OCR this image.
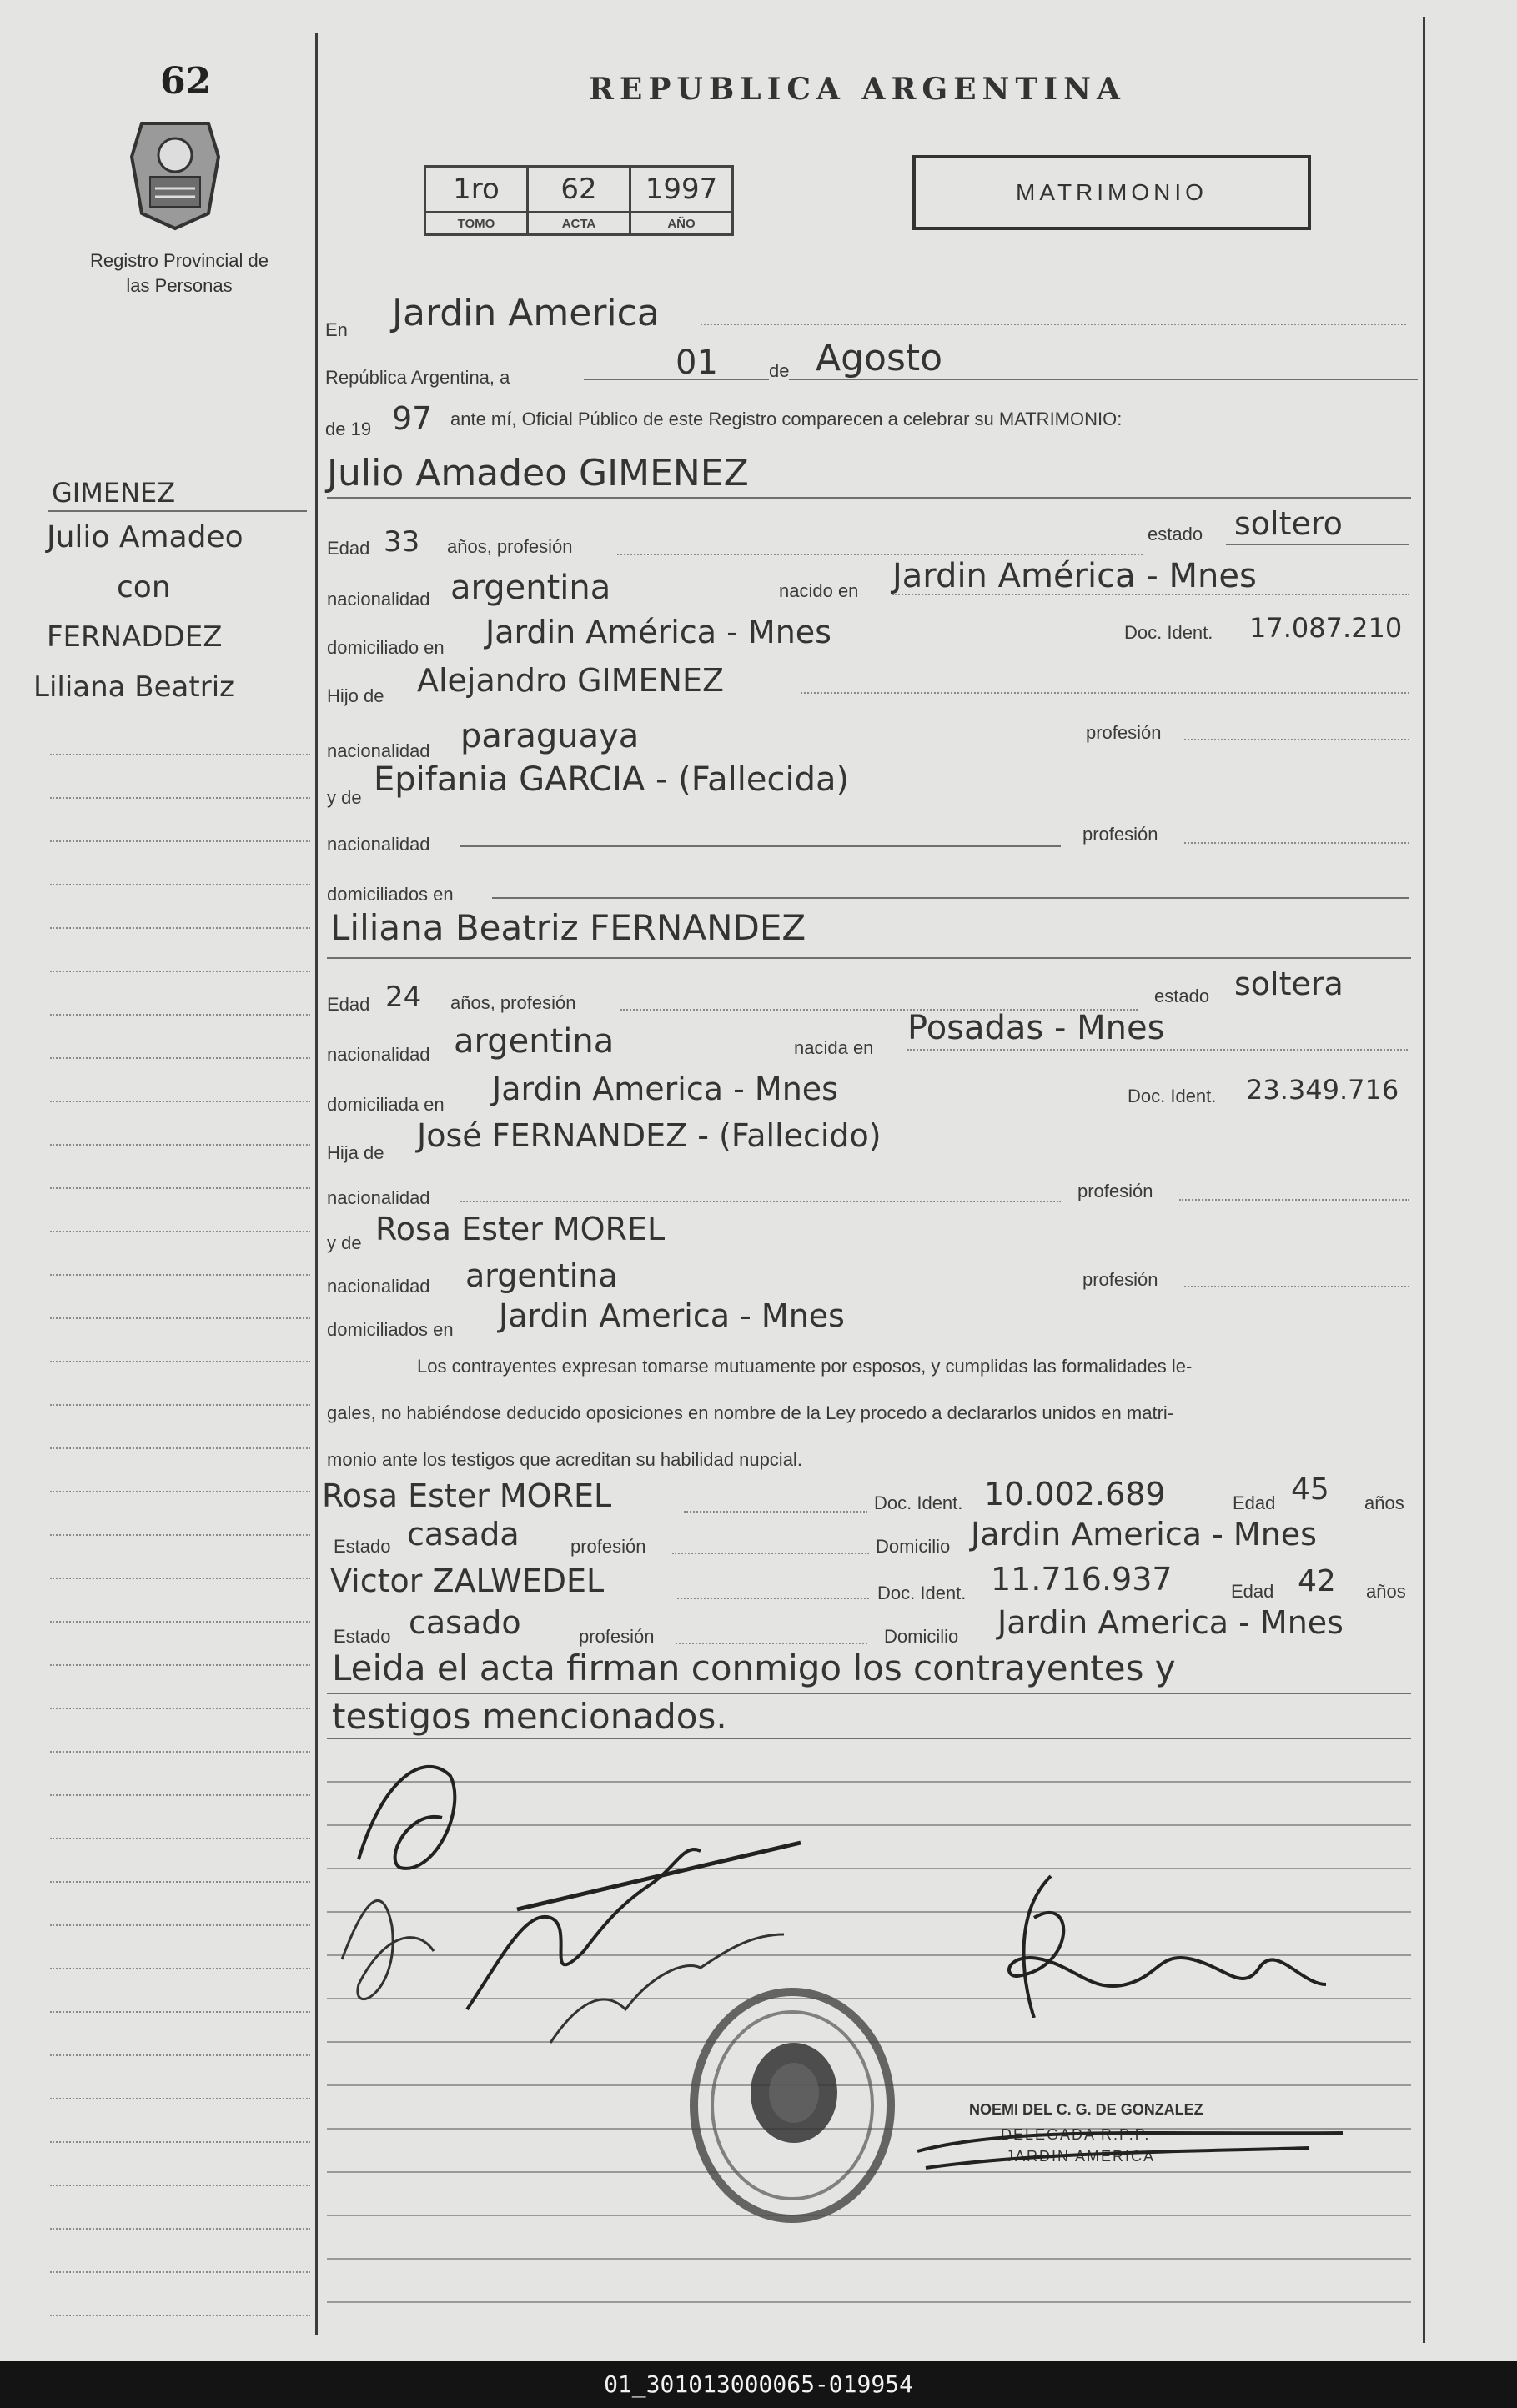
62
Registro Provincial de las Personas
REPUBLICA ARGENTINA
MATRIMONIO
1ro	62	1997
TOMO	ACTA	AÑO
GIMENEZ
Julio Amadeo
con
FERNADDEZ
Liliana Beatriz
En Jardin America
República Argentina, a	01	de Agosto
de 19 97 ante mí, Oficial Público de este Registro comparecen a celebrar su MATRIMONIO:
Julio Amadeo GIMENEZ
Edad 33 años, profesión
estado soltero
nacionalidad argentina	nacido en Jardin América - Mnes
domiciliado en Jardin América - Mnes	Doc. Ident. 17.087.210
Hijo de Alejandro GIMENEZ
nacionalidad paraguaya	profesión
y de Epifania GARCIA - (Fallecida)
nacionalidad	profesión
domiciliados en
Liliana Beatriz FERNANDEZ
Edad 24 años, profesión	estado soltera
nacionalidad argentina	nacida en
Posadas - Mnes
domiciliada en Jardin America - Mnes	Doc. Ident. 23.349.716
Hija de José FERNANDEZ - (Fallecido)
nacionalidad	profesión
y de Rosa Ester MOREL
nacionalidad argentina	profesión
domiciliados en Jardin America - Mnes
Los contrayentes expresan tomarse mutuamente por esposos, y cumplidas las formalidades le-
gales, no habiéndose deducido oposiciones en nombre de la Ley procedo a declararlos unidos en matri-
monio ante los testigos que acreditan su habilidad nupcial.
Rosa Ester MOREL	Doc. Ident. 10.002.689	Edad 45 años
Estado casada	profesión	Domicilio Jardin America - Mnes
Victor ZALWEDEL	Doc. Ident. 11.716.937	Edad 42 años
Estado casado	profesión	Domicilio Jardin America - Mnes
Leida el acta firman conmigo los contrayentes y
testigos mencionados.
NOEMI DEL C. G. DE GONZALEZ
DELEGADA R.P.P.
JARDIN AMERICA
01_301013000065-019954
